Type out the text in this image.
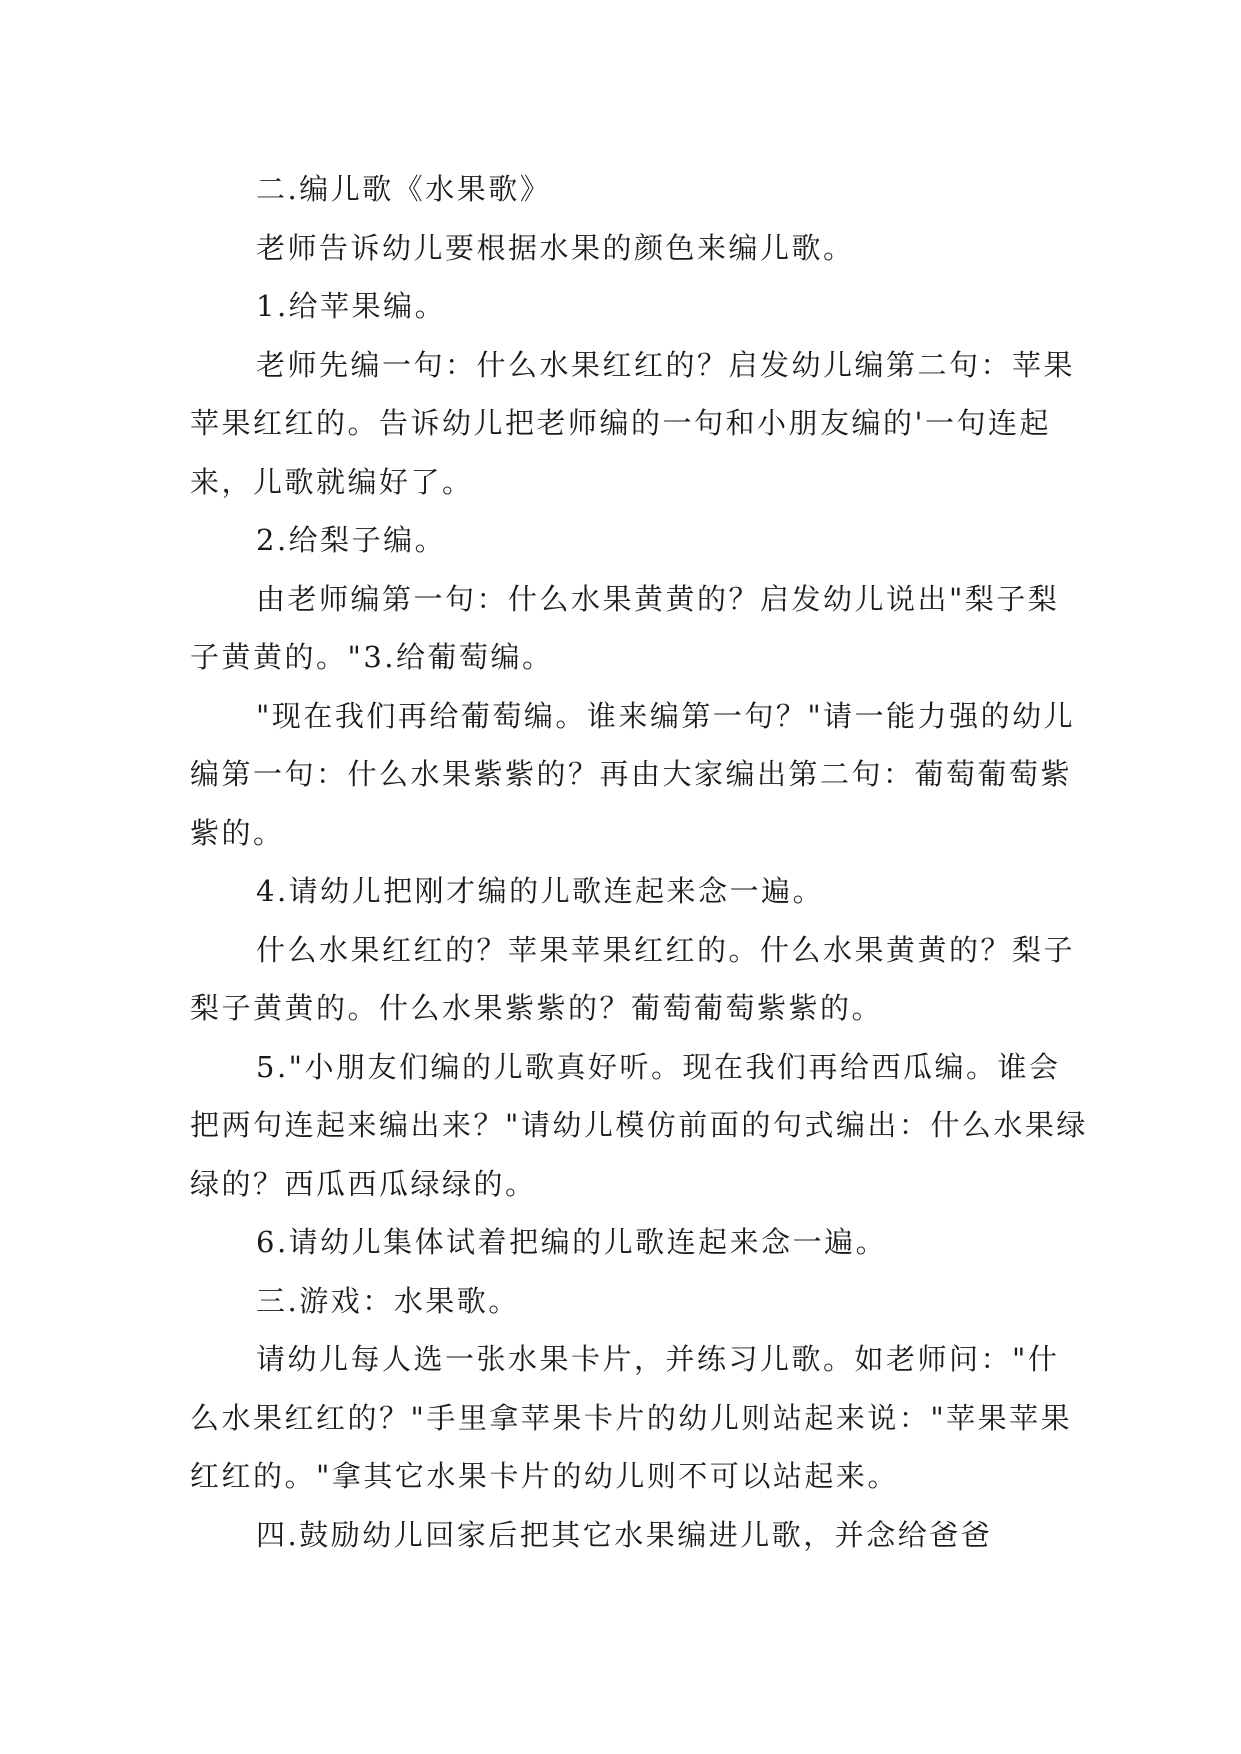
二.编儿歌《水果歌》

老师告诉幼儿要根据水果的颜色来编儿歌。

1.给苹果编。

老师先编一句：什么水果红红的？启发幼儿编第二句：苹果苹果红红的。告诉幼儿把老师编的一句和小朋友编的'一句连起来，儿歌就编好了。

2.给梨子编。

由老师编第一句：什么水果黄黄的？启发幼儿说出"梨子梨子黄黄的。"3.给葡萄编。

"现在我们再给葡萄编。谁来编第一句？"请一能力强的幼儿编第一句：什么水果紫紫的？再由大家编出第二句：葡萄葡萄紫紫的。

4.请幼儿把刚才编的儿歌连起来念一遍。

什么水果红红的？苹果苹果红红的。什么水果黄黄的？梨子梨子黄黄的。什么水果紫紫的？葡萄葡萄紫紫的。

5."小朋友们编的儿歌真好听。现在我们再给西瓜编。谁会把两句连起来编出来？"请幼儿模仿前面的句式编出：什么水果绿绿的？西瓜西瓜绿绿的。

6.请幼儿集体试着把编的儿歌连起来念一遍。

三.游戏：水果歌。

请幼儿每人选一张水果卡片，并练习儿歌。如老师问："什么水果红红的？"手里拿苹果卡片的幼儿则站起来说："苹果苹果红红的。"拿其它水果卡片的幼儿则不可以站起来。

四.鼓励幼儿回家后把其它水果编进儿歌，并念给爸爸
